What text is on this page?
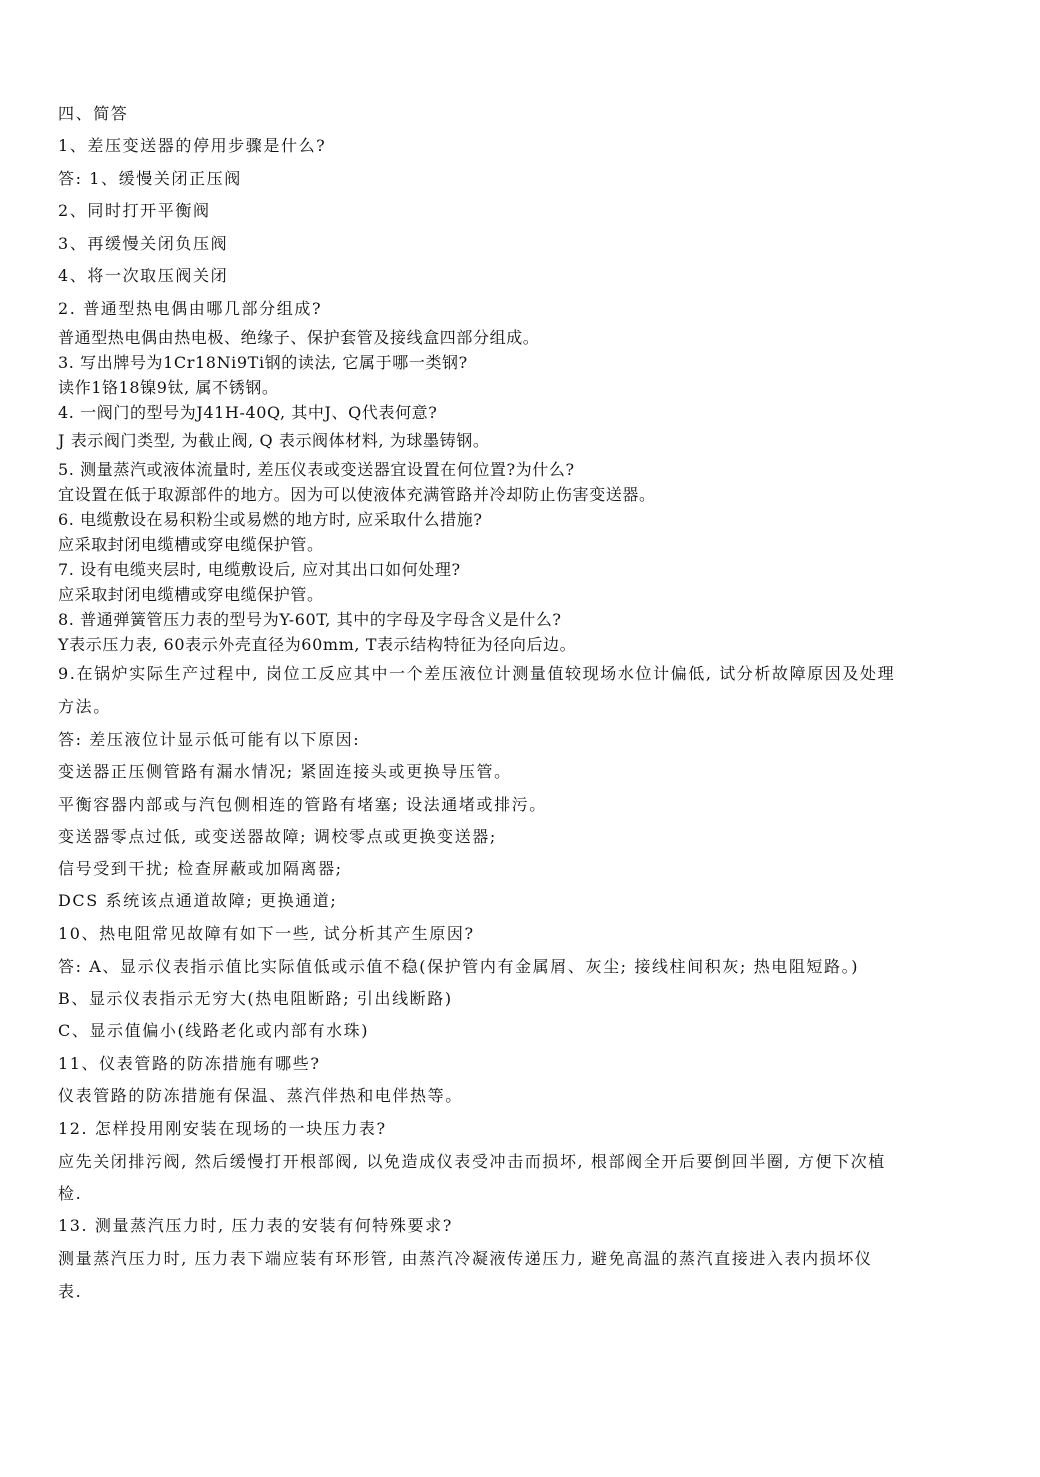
四、简答
1、差压变送器的停用步骤是什么?
答: 1、缓慢关闭正压阀
2、同时打开平衡阀
3、再缓慢关闭负压阀
4、将一次取压阀关闭
2. 普通型热电偶由哪几部分组成?
普通型热电偶由热电极、绝缘子、保护套管及接线盒四部分组成。
3. 写出牌号为1Cr18Ni9Ti钢的读法, 它属于哪一类钢?
读作1铬18镍9钛, 属不锈钢。
4. 一阀门的型号为J41H-40Q, 其中J、Q代表何意?
J 表示阀门类型, 为截止阀, Q 表示阀体材料, 为球墨铸钢。
5. 测量蒸汽或液体流量时, 差压仪表或变送器宜设置在何位置?为什么?
宜设置在低于取源部件的地方。因为可以使液体充满管路并冷却防止伤害变送器。
6. 电缆敷设在易积粉尘或易燃的地方时, 应采取什么措施?
应采取封闭电缆槽或穿电缆保护管。
7. 设有电缆夹层时, 电缆敷设后, 应对其出口如何处理?
应采取封闭电缆槽或穿电缆保护管。
8. 普通弹簧管压力表的型号为Y-60T, 其中的字母及字母含义是什么?
Y表示压力表, 60表示外壳直径为60mm, T表示结构特征为径向后边。
9.在锅炉实际生产过程中, 岗位工反应其中一个差压液位计测量值较现场水位计偏低, 试分析故障原因及处理
方法。
答: 差压液位计显示低可能有以下原因:
变送器正压侧管路有漏水情况; 紧固连接头或更换导压管。
平衡容器内部或与汽包侧相连的管路有堵塞; 设法通堵或排污。
变送器零点过低, 或变送器故障; 调校零点或更换变送器;
信号受到干扰; 检查屏蔽或加隔离器;
DCS 系统该点通道故障; 更换通道;
10、热电阻常见故障有如下一些, 试分析其产生原因?
答: A、显示仪表指示值比实际值低或示值不稳(保护管内有金属屑、灰尘; 接线柱间积灰; 热电阻短路。)
B、显示仪表指示无穷大(热电阻断路; 引出线断路)
C、显示值偏小(线路老化或内部有水珠)
11、仪表管路的防冻措施有哪些?
仪表管路的防冻措施有保温、蒸汽伴热和电伴热等。
12. 怎样投用刚安装在现场的一块压力表?
应先关闭排污阀, 然后缓慢打开根部阀, 以免造成仪表受冲击而损坏, 根部阀全开后要倒回半圈, 方便下次植
检.
13. 测量蒸汽压力时, 压力表的安装有何特殊要求?
测量蒸汽压力时, 压力表下端应装有环形管, 由蒸汽冷凝液传递压力, 避免高温的蒸汽直接进入表内损坏仪
表.
